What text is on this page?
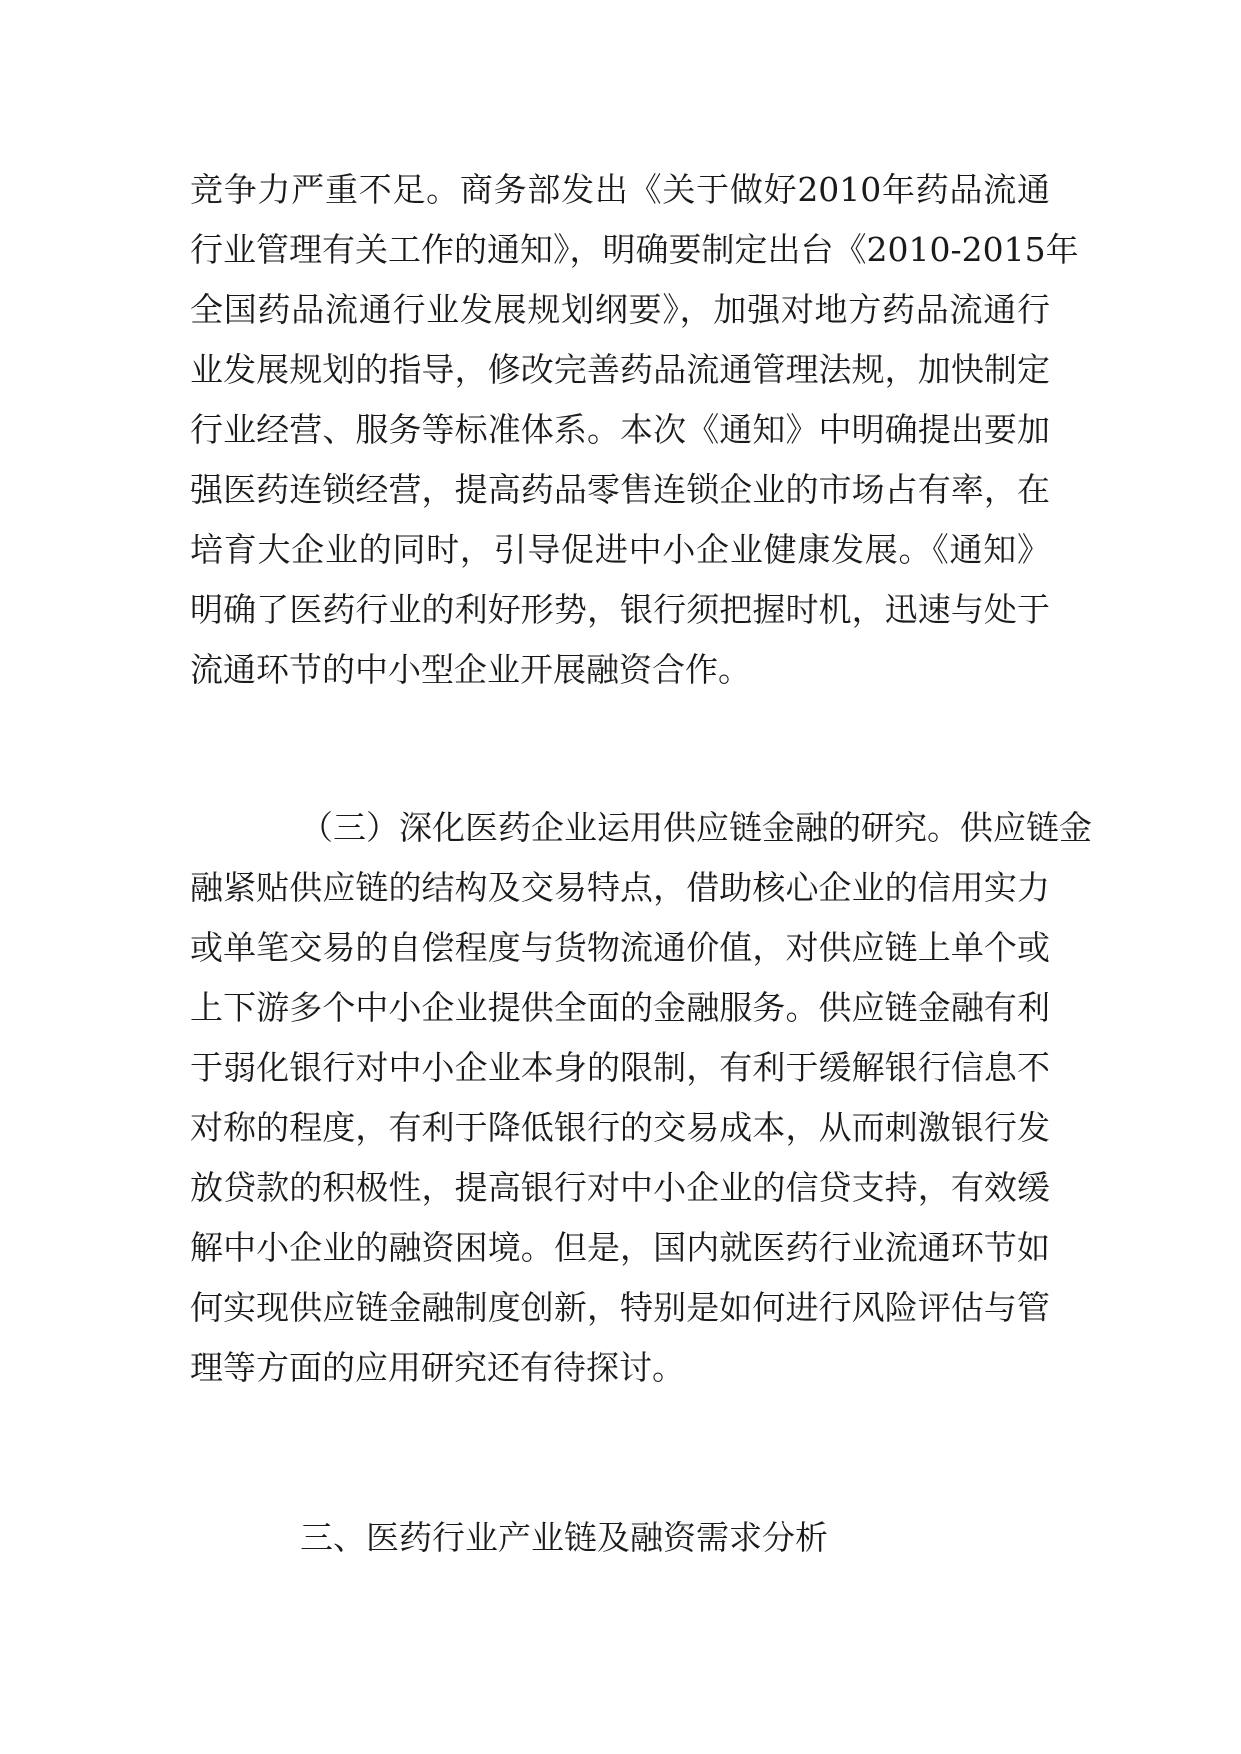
竞争力严重不足。商务部发出《关于做好2010年药品流通
行业管理有关工作的通知》，明确要制定出台《2010-2015年
全国药品流通行业发展规划纲要》，加强对地方药品流通行
业发展规划的指导，修改完善药品流通管理法规，加快制定
行业经营、服务等标准体系。本次《通知》中明确提出要加
强医药连锁经营，提高药品零售连锁企业的市场占有率，在
培育大企业的同时，引导促进中小企业健康发展。《通知》
明确了医药行业的利好形势，银行须把握时机，迅速与处于
流通环节的中小型企业开展融资合作。
（三）深化医药企业运用供应链金融的研究。供应链金
融紧贴供应链的结构及交易特点，借助核心企业的信用实力
或单笔交易的自偿程度与货物流通价值，对供应链上单个或
上下游多个中小企业提供全面的金融服务。供应链金融有利
于弱化银行对中小企业本身的限制，有利于缓解银行信息不
对称的程度，有利于降低银行的交易成本，从而刺激银行发
放贷款的积极性，提高银行对中小企业的信贷支持，有效缓
解中小企业的融资困境。但是，国内就医药行业流通环节如
何实现供应链金融制度创新，特别是如何进行风险评估与管
理等方面的应用研究还有待探讨。
三、医药行业产业链及融资需求分析
